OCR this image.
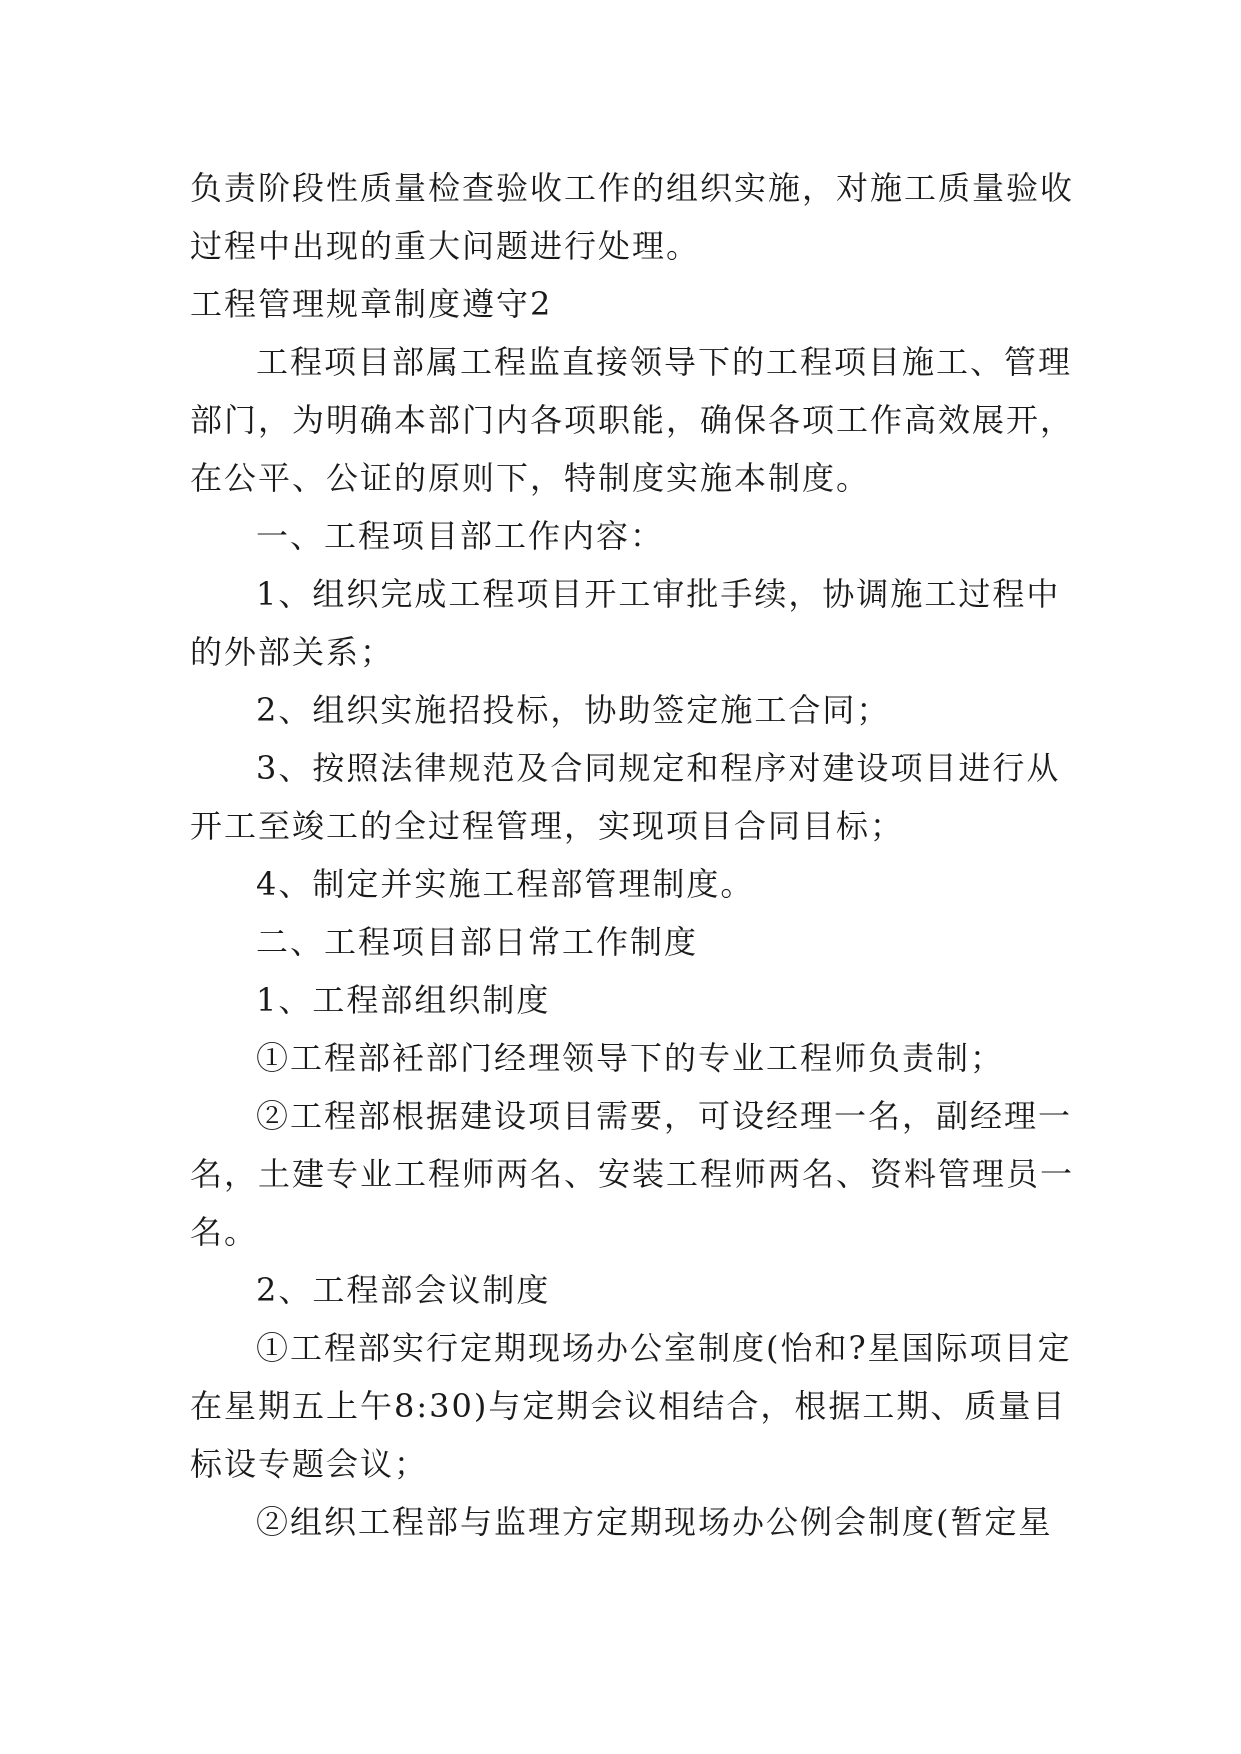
负责阶段性质量检查验收工作的组织实施，对施工质量验收
过程中出现的重大问题进行处理。
工程管理规章制度遵守2
工程项目部属工程监直接领导下的工程项目施工、管理
部门，为明确本部门内各项职能，确保各项工作高效展开，
在公平、公证的原则下，特制度实施本制度。
一、工程项目部工作内容：
1、组织完成工程项目开工审批手续，协调施工过程中
的外部关系；
2、组织实施招投标，协助签定施工合同；
3、按照法律规范及合同规定和程序对建设项目进行从
开工至竣工的全过程管理，实现项目合同目标；
4、制定并实施工程部管理制度。
二、工程项目部日常工作制度
1、工程部组织制度
①工程部衽部门经理领导下的专业工程师负责制；
②工程部根据建设项目需要，可设经理一名，副经理一
名，土建专业工程师两名、安装工程师两名、资料管理员一
名。
2、工程部会议制度
①工程部实行定期现场办公室制度(怡和?星国际项目定
在星期五上午8:30)与定期会议相结合，根据工期、质量目
标设专题会议；
②组织工程部与监理方定期现场办公例会制度(暂定星
